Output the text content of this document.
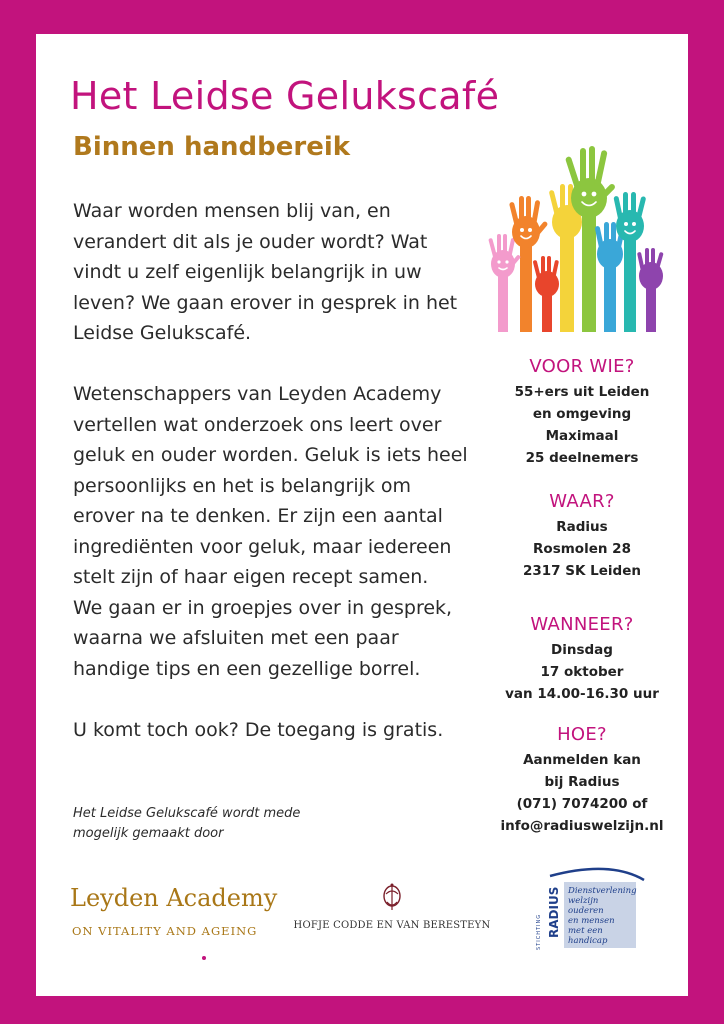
Het Leidse Gelukscafé
Binnen handbereik

Waar worden mensen blij van, en verandert dit als je ouder wordt? Wat vindt u zelf eigenlijk belangrijk in uw leven? We gaan erover in gesprek in het Leidse Gelukscafé.

Wetenschappers van Leyden Academy vertellen wat onderzoek ons leert over geluk en ouder worden. Geluk is iets heel persoonlijks en het is belangrijk om erover na te denken. Er zijn een aantal ingrediënten voor geluk, maar iedereen stelt zijn of haar eigen recept samen.

We gaan er in groepjes over in gesprek, waarna we afsluiten met een paar handige tips en een gezellige borrel.

U komt toch ook? De toegang is gratis.

Het Leidse Gelukscafé wordt mede mogelijk gemaakt door
VOOR WIE?
55+ers uit Leiden
en omgeving
Maximaal
25 deelnemers
WAAR?
Radius
Rosmolen 28
2317 SK Leiden
WANNEER?
Dinsdag
17 oktober
van 14.00-16.30 uur
HOE?
Aanmelden kan
bij Radius
(071) 7074200 of
info@radiuswelzijn.nl
Leyden Academy
ON VITALITY AND AGEING	HOFJE CODDE EN VAN BERESTEYN	STICHTING RADIUS Dienstverlening
welzijn
ouderen
en mensen
met een
handicap
